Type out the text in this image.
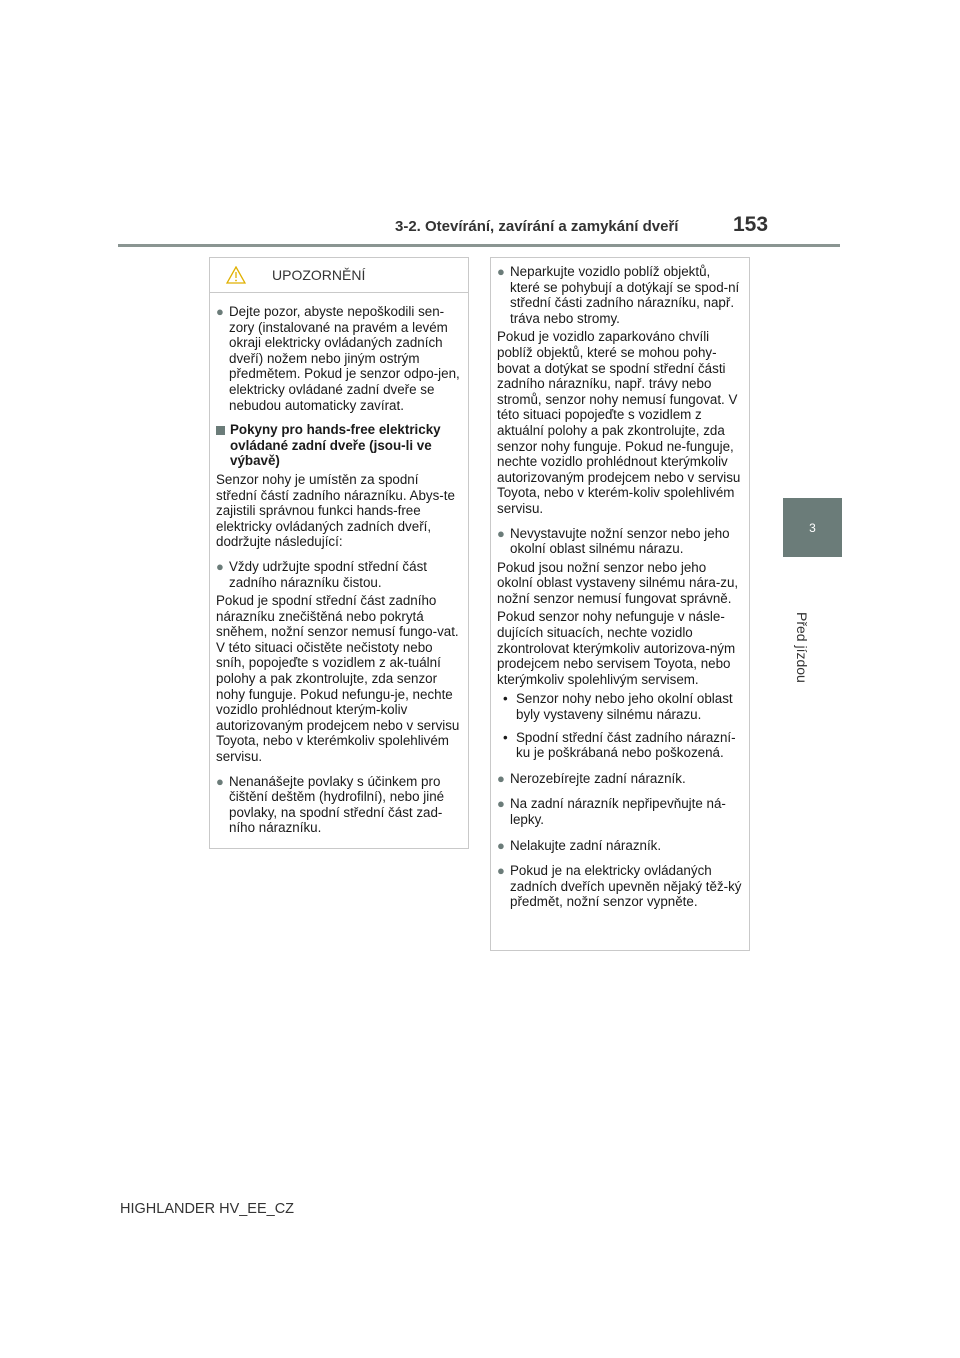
3-2. Otevírání, zavírání a zamykání dveří	153
3
Před jízdou
UPOZORNĚNÍ
● Dejte pozor, abyste nepoškodili sen-zory (instalované na pravém a levém okraji elektricky ovládaných zadních dveří) nožem nebo jiným ostrým předmětem. Pokud je senzor odpo-jen, elektricky ovládané zadní dveře se nebudou automaticky zavírat.
Pokyny pro hands-free elektricky ovládané zadní dveře (jsou-li ve výbavě)
Senzor nohy je umístěn za spodní střední částí zadního nárazníku. Abys-te zajistili správnou funkci hands-free elektricky ovládaných zadních dveří, dodržujte následující:
● Vždy udržujte spodní střední část zadního nárazníku čistou.
Pokud je spodní střední část zadního nárazníku znečištěná nebo pokrytá sněhem, nožní senzor nemusí fungo-vat. V této situaci očistěte nečistoty nebo sníh, popojeďte s vozidlem z ak-tuální polohy a pak zkontrolujte, zda senzor nohy funguje. Pokud nefungu-je, nechte vozidlo prohlédnout kterým-koliv autorizovaným prodejcem nebo v servisu Toyota, nebo v kterémkoliv spolehlivém servisu.
● Nenanášejte povlaky s účinkem pro čištění deštěm (hydrofilní), nebo jiné povlaky, na spodní střední část zad-ního nárazníku.
● Neparkujte vozidlo poblíž objektů, které se pohybují a dotýkají se spod-ní střední části zadního nárazníku, např. tráva nebo stromy.
Pokud je vozidlo zaparkováno chvíli poblíž objektů, které se mohou pohy-bovat a dotýkat se spodní střední části zadního nárazníku, např. trávy nebo stromů, senzor nohy nemusí fungovat. V této situaci popojeďte s vozidlem z aktuální polohy a pak zkontrolujte, zda senzor nohy funguje. Pokud ne-funguje, nechte vozidlo prohlédnout kterýmkoliv autorizovaným prodejcem nebo v servisu Toyota, nebo v kterém-koliv spolehlivém servisu.
● Nevystavujte nožní senzor nebo jeho okolní oblast silnému nárazu.
Pokud jsou nožní senzor nebo jeho okolní oblast vystaveny silnému nára-zu, nožní senzor nemusí fungovat správně.
Pokud senzor nohy nefunguje v násle-dujících situacích, nechte vozidlo zkontrolovat kterýmkoliv autorizova-ným prodejcem nebo servisem Toyota, nebo kterýmkoliv spolehlivým servisem.
• Senzor nohy nebo jeho okolní oblast byly vystaveny silnému nárazu.
• Spodní střední část zadního nárazní-ku je poškrábaná nebo poškozená.
● Nerozebírejte zadní nárazník.
● Na zadní nárazník nepřipevňujte ná-lepky.
● Nelakujte zadní nárazník.
● Pokud je na elektricky ovládaných zadních dveřích upevněn nějaký těž-ký předmět, nožní senzor vypněte.
HIGHLANDER HV_EE_CZ
